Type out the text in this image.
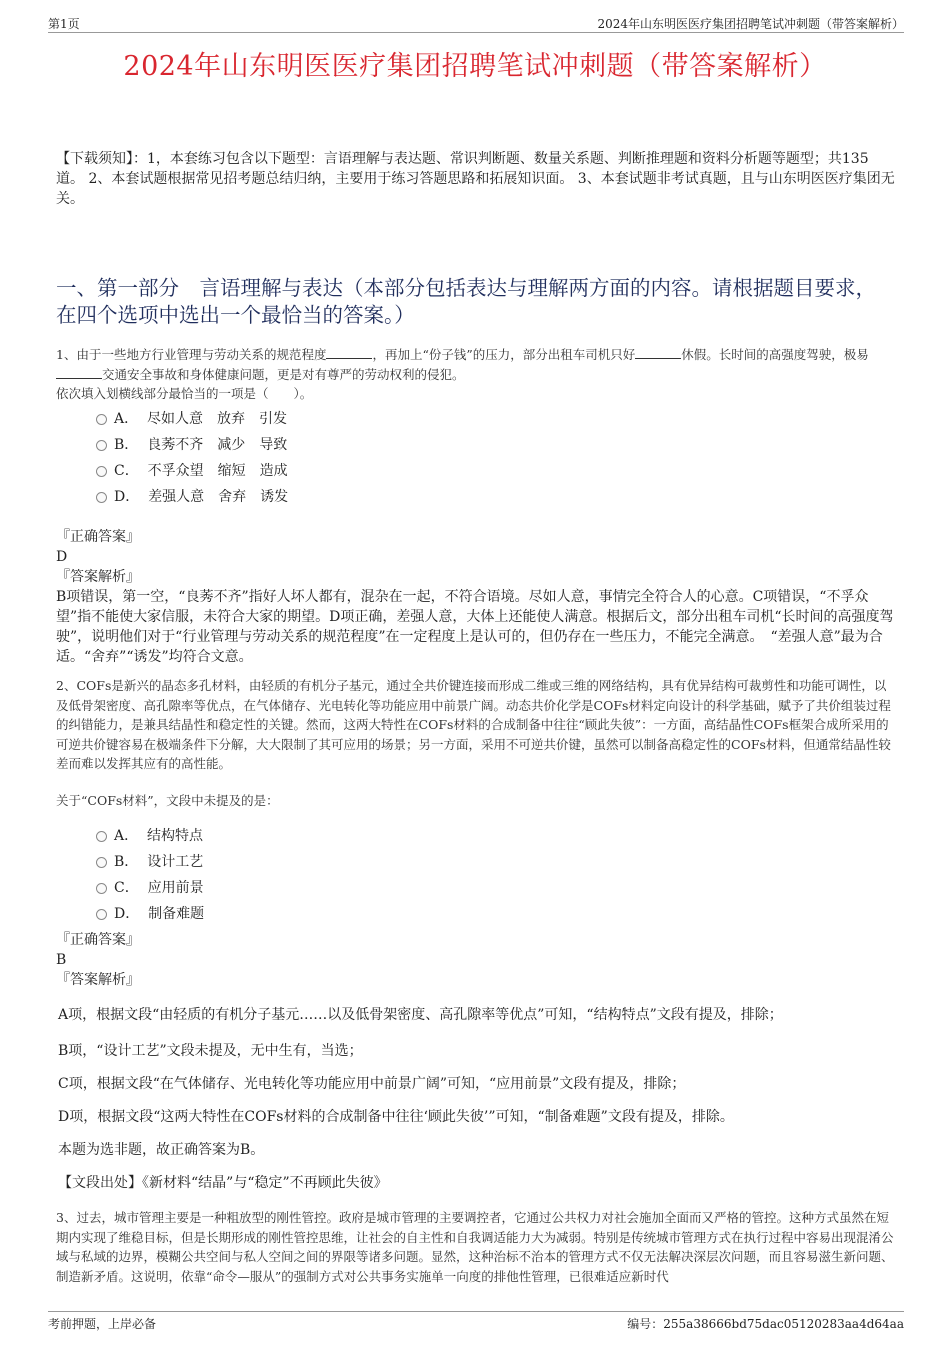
第1页	2024年山东明医医疗集团招聘笔试冲刺题（带答案解析）
2024年山东明医医疗集团招聘笔试冲刺题（带答案解析）
【下载须知】：1，本套练习包含以下题型：言语理解与表达题、常识判断题、数量关系题、判断推理题和资料分析题等题型；共135道。 2、本套试题根据常见招考题总结归纳，主要用于练习答题思路和拓展知识面。 3、本套试题非考试真题，且与山东明医医疗集团无关。
一、第一部分　言语理解与表达（本部分包括表达与理解两方面的内容。请根据题目要求，在四个选项中选出一个最恰当的答案。）
1、由于一些地方行业管理与劳动关系的规范程度	，再加上“份子钱”的压力，部分出租车司机只好	休假。长时间的高强度驾驶，极易交通安全事故和身体健康问题，更是对有尊严的劳动权利的侵犯。
依次填入划横线部分最恰当的一项是（　　）。
A．  尽如人意　放弃　引发
B．  良莠不齐　减少　导致
C．  不孚众望　缩短　造成
D．  差强人意　舍弃　诱发
『正确答案』
D
『答案解析』
B项错误，第一空，“良莠不齐”指好人坏人都有，混杂在一起，不符合语境。尽如人意，事情完全符合人的心意。C项错误，“不孚众望”指不能使大家信服，未符合大家的期望。D项正确，差强人意，大体上还能使人满意。根据后文，部分出租车司机“长时间的高强度驾驶”，说明他们对于“行业管理与劳动关系的规范程度”在一定程度上是认可的，但仍存在一些压力，不能完全满意。　“差强人意”最为合适。“舍弃”“诱发”均符合文意。
2、COFs是新兴的晶态多孔材料，由轻质的有机分子基元，通过全共价键连接而形成二维或三维的网络结构，具有优异结构可裁剪性和功能可调性，以及低骨架密度、高孔隙率等优点，在气体储存、光电转化等功能应用中前景广阔。动态共价化学是COFs材料定向设计的科学基础，赋予了共价组装过程的纠错能力，是兼具结晶性和稳定性的关键。然而，这两大特性在COFs材料的合成制备中往往“顾此失彼”：一方面，高结晶性COFs框架合成所采用的可逆共价键容易在极端条件下分解，大大限制了其可应用的场景；另一方面，采用不可逆共价键，虽然可以制备高稳定性的COFs材料，但通常结晶性较差而难以发挥其应有的高性能。
关于“COFs材料”，文段中未提及的是：
A．  结构特点
B．  设计工艺
C．  应用前景
D．  制备难题
『正确答案』
B
『答案解析』
A项，根据文段“由轻质的有机分子基元……以及低骨架密度、高孔隙率等优点”可知，“结构特点”文段有提及，排除；
B项，“设计工艺”文段未提及，无中生有，当选；
C项，根据文段“在气体储存、光电转化等功能应用中前景广阔”可知，“应用前景”文段有提及，排除；
D项，根据文段“这两大特性在COFs材料的合成制备中往往‘顾此失彼’”可知，“制备难题”文段有提及，排除。
本题为选非题，故正确答案为B。
【文段出处】《新材料“结晶”与“稳定”不再顾此失彼》
3、过去，城市管理主要是一种粗放型的刚性管控。政府是城市管理的主要调控者，它通过公共权力对社会施加全面而又严格的管控。这种方式虽然在短期内实现了维稳目标，但是长期形成的刚性管控思维，让社会的自主性和自我调适能力大为减弱。特别是传统城市管理方式在执行过程中容易出现混淆公域与私域的边界，模糊公共空间与私人空间之间的界限等诸多问题。显然，这种治标不治本的管理方式不仅无法解决深层次问题，而且容易滋生新问题、制造新矛盾。这说明，依靠“命令—服从”的强制方式对公共事务实施单一向度的排他性管理，已很难适应新时代
考前押题，上岸必备	编号：255a38666bd75dac05120283aa4d64aa
